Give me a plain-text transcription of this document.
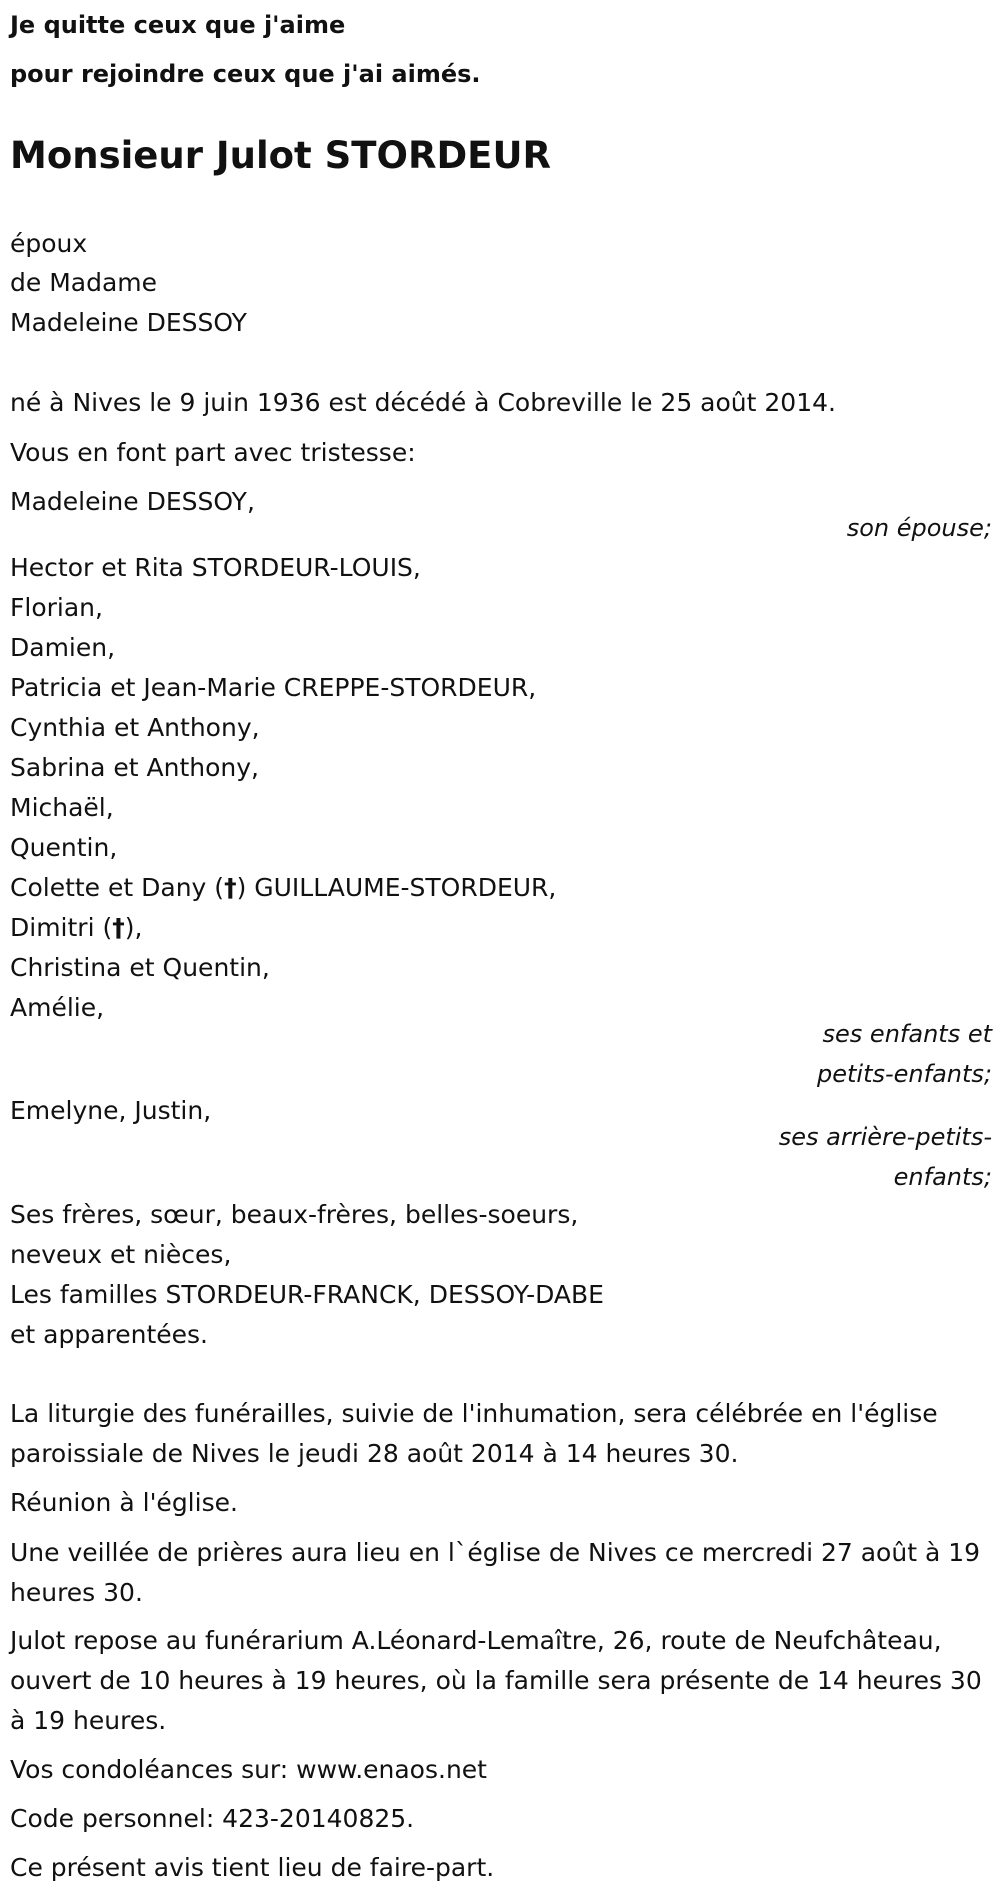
Je quitte ceux que j'aime
pour rejoindre ceux que j'ai aimés.
Monsieur Julot STORDEUR
époux
de Madame
Madeleine DESSOY
né à Nives le 9 juin 1936 est décédé à Cobreville le 25 août 2014.
Vous en font part avec tristesse:
Madeleine DESSOY,
son épouse;
Hector et Rita STORDEUR-LOUIS,
Florian,
Damien,
Patricia et Jean-Marie CREPPE-STORDEUR,
Cynthia et Anthony,
Sabrina et Anthony,
Michaël,
Quentin,
Colette et Dany (†) GUILLAUME-STORDEUR,
Dimitri (†),
Christina et Quentin,
Amélie,
ses enfants et
petits-enfants;
Emelyne, Justin,
ses arrière-petits-
enfants;
Ses frères, sœur, beaux-frères, belles-soeurs,
neveux et nièces,
Les familles STORDEUR-FRANCK, DESSOY-DABE
et apparentées.
La liturgie des funérailles, suivie de l'inhumation, sera célébrée en l'église paroissiale de Nives le jeudi 28 août 2014 à 14 heures 30.
Réunion à l'église.
Une veillée de prières aura lieu en l`église de Nives ce mercredi 27 août à 19 heures 30.
Julot repose au funérarium A.Léonard-Lemaître, 26, route de Neufchâteau, ouvert de 10 heures à 19 heures, où la famille sera présente de 14 heures 30 à 19 heures.
Vos condoléances sur: www.enaos.net
Code personnel: 423-20140825.
Ce présent avis tient lieu de faire-part.
